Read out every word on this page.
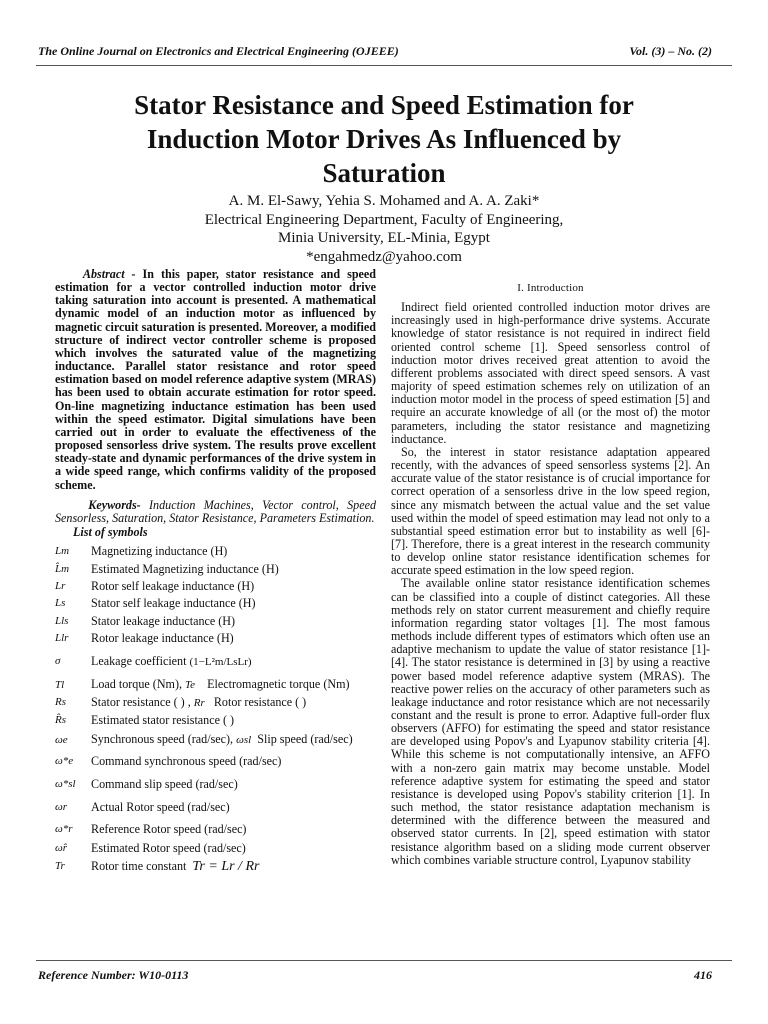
The Online Journal on Electronics and Electrical Engineering (OJEEE)	Vol. (3) – No. (2)
Stator Resistance and Speed Estimation for
Induction Motor Drives As Influenced by
Saturation
A. M. El-Sawy, Yehia S. Mohamed and A. A. Zaki*
Electrical Engineering Department, Faculty of Engineering,
Minia University, EL-Minia, Egypt
*engahmedz@yahoo.com
Abstract - In this paper, stator resistance and speed estimation for a vector controlled induction motor drive taking saturation into account is presented. A mathematical dynamic model of an induction motor as influenced by magnetic circuit saturation is presented. Moreover, a modified structure of indirect vector controller scheme is proposed which involves the saturated value of the magnetizing inductance. Parallel stator resistance and rotor speed estimation based on model reference adaptive system (MRAS) has been used to obtain accurate estimation for rotor speed. On-line magnetizing inductance estimation has been used within the speed estimator. Digital simulations have been carried out in order to evaluate the effectiveness of the proposed sensorless drive system. The results prove excellent steady-state and dynamic performances of the drive system in a wide speed range, which confirms validity of the proposed scheme.
Keywords- Induction Machines, Vector control, Speed Sensorless, Saturation, Stator Resistance, Parameters Estimation.
List of symbols
Lm	Magnetizing inductance (H)
L̂m	Estimated Magnetizing inductance (H)
Lr	Rotor self leakage inductance (H)
Ls	Stator self leakage inductance (H)
Lls	Stator leakage inductance (H)
Llr	Rotor leakage inductance (H)
σ	Leakage coefficient (1−L²m/LsLr)
Tl	Load torque (Nm), Te Electromagnetic torque (Nm)
Rs	Stator resistance ( ) , Rr Rotor resistance ( )
R̂s	Estimated stator resistance ( )
ωe	Synchronous speed (rad/sec), ωsl Slip speed (rad/sec)
ω*e	Command synchronous speed (rad/sec)
ω*sl	Command slip speed (rad/sec)
ωr	Actual Rotor speed (rad/sec)
ω*r	Reference Rotor speed (rad/sec)
ω̂r	Estimated Rotor speed (rad/sec)
Tr	Rotor time constant Tr = Lr / Rr
I. Introduction

Indirect field oriented controlled induction motor drives are increasingly used in high-performance drive systems. Accurate knowledge of stator resistance is not required in indirect field oriented control scheme [1]. Speed sensorless control of induction motor drives received great attention to avoid the different problems associated with direct speed sensors. A vast majority of speed estimation schemes rely on utilization of an induction motor model in the process of speed estimation [5] and require an accurate knowledge of all (or the most of) the motor parameters, including the stator resistance and magnetizing inductance.

So, the interest in stator resistance adaptation appeared recently, with the advances of speed sensorless systems [2]. An accurate value of the stator resistance is of crucial importance for correct operation of a sensorless drive in the low speed region, since any mismatch between the actual value and the set value used within the model of speed estimation may lead not only to a substantial speed estimation error but to instability as well [6]-[7]. Therefore, there is a great interest in the research community to develop online stator resistance identification schemes for accurate speed estimation in the low speed region.

The available online stator resistance identification schemes can be classified into a couple of distinct categories. All these methods rely on stator current measurement and chiefly require information regarding stator voltages [1]. The most famous methods include different types of estimators which often use an adaptive mechanism to update the value of stator resistance [1]-[4]. The stator resistance is determined in [3] by using a reactive power based model reference adaptive system (MRAS). The reactive power relies on the accuracy of other parameters such as leakage inductance and rotor resistance which are not necessarily constant and the result is prone to error. Adaptive full-order flux observers (AFFO) for estimating the speed and stator resistance are developed using Popov's and Lyapunov stability criteria [4]. While this scheme is not computationally intensive, an AFFO with a non-zero gain matrix may become unstable. Model reference adaptive system for estimating the speed and stator resistance is developed using Popov's stability criterion [1]. In such method, the stator resistance adaptation mechanism is determined with the difference between the measured and observed stator currents. In [2], speed estimation with stator resistance algorithm based on a sliding mode current observer which combines variable structure control, Lyapunov stability

Reference Number: W10-0113	416
